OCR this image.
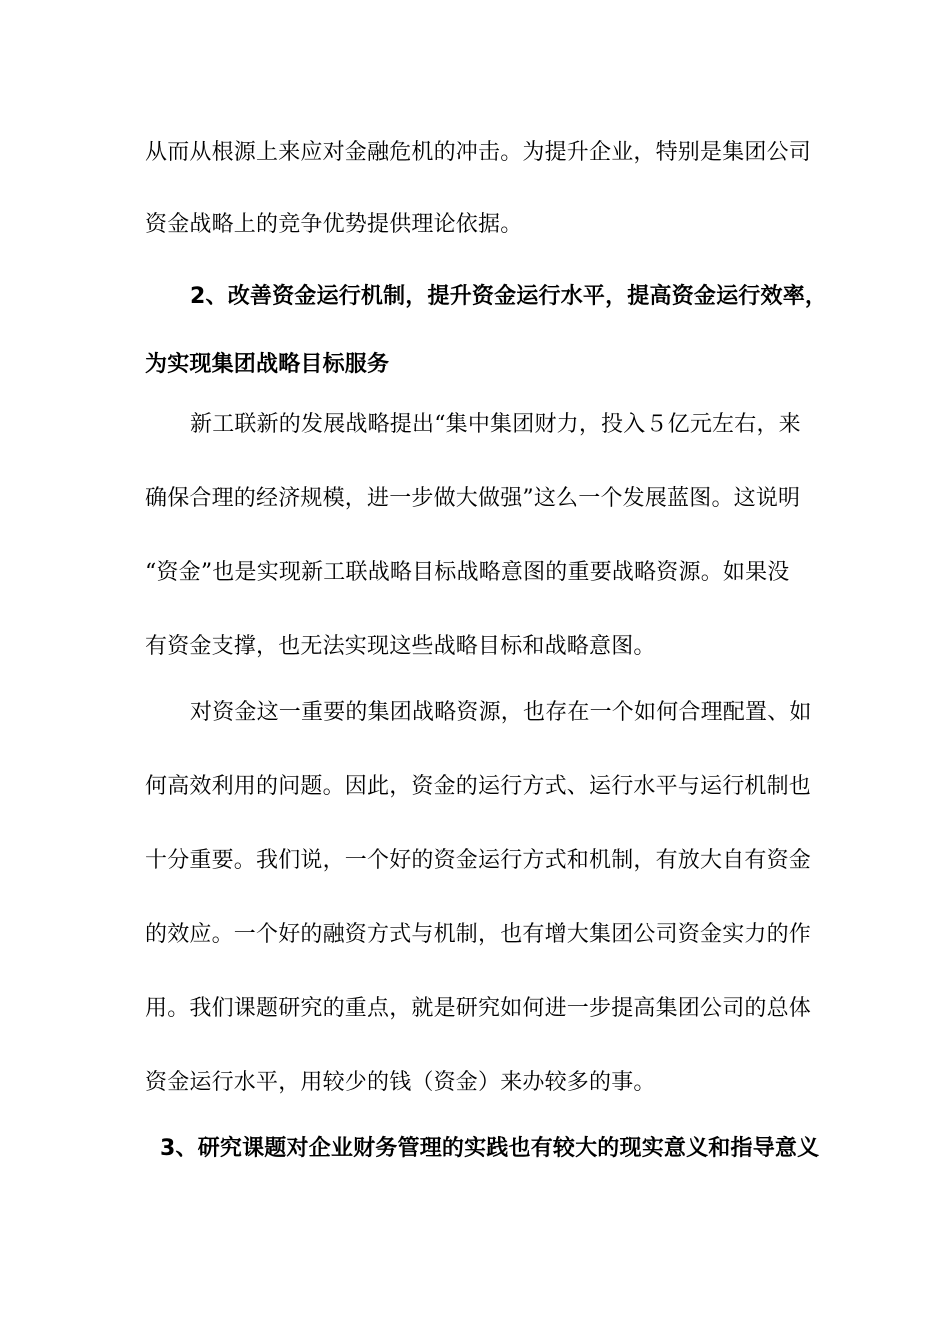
从而从根源上来应对金融危机的冲击。为提升企业，特别是集团公司
资金战略上的竞争优势提供理论依据。
2、改善资金运行机制，提升资金运行水平，提高资金运行效率，
为实现集团战略目标服务
新工联新的发展战略提出“集中集团财力，投入５亿元左右，来
确保合理的经济规模，进一步做大做强”这么一个发展蓝图。这说明
“资金”也是实现新工联战略目标战略意图的重要战略资源。如果没
有资金支撑，也无法实现这些战略目标和战略意图。
对资金这一重要的集团战略资源，也存在一个如何合理配置、如
何高效利用的问题。因此，资金的运行方式、运行水平与运行机制也
十分重要。我们说，一个好的资金运行方式和机制，有放大自有资金
的效应。一个好的融资方式与机制，也有增大集团公司资金实力的作
用。我们课题研究的重点，就是研究如何进一步提高集团公司的总体
资金运行水平，用较少的钱（资金）来办较多的事。
3、研究课题对企业财务管理的实践也有较大的现实意义和指导意义
